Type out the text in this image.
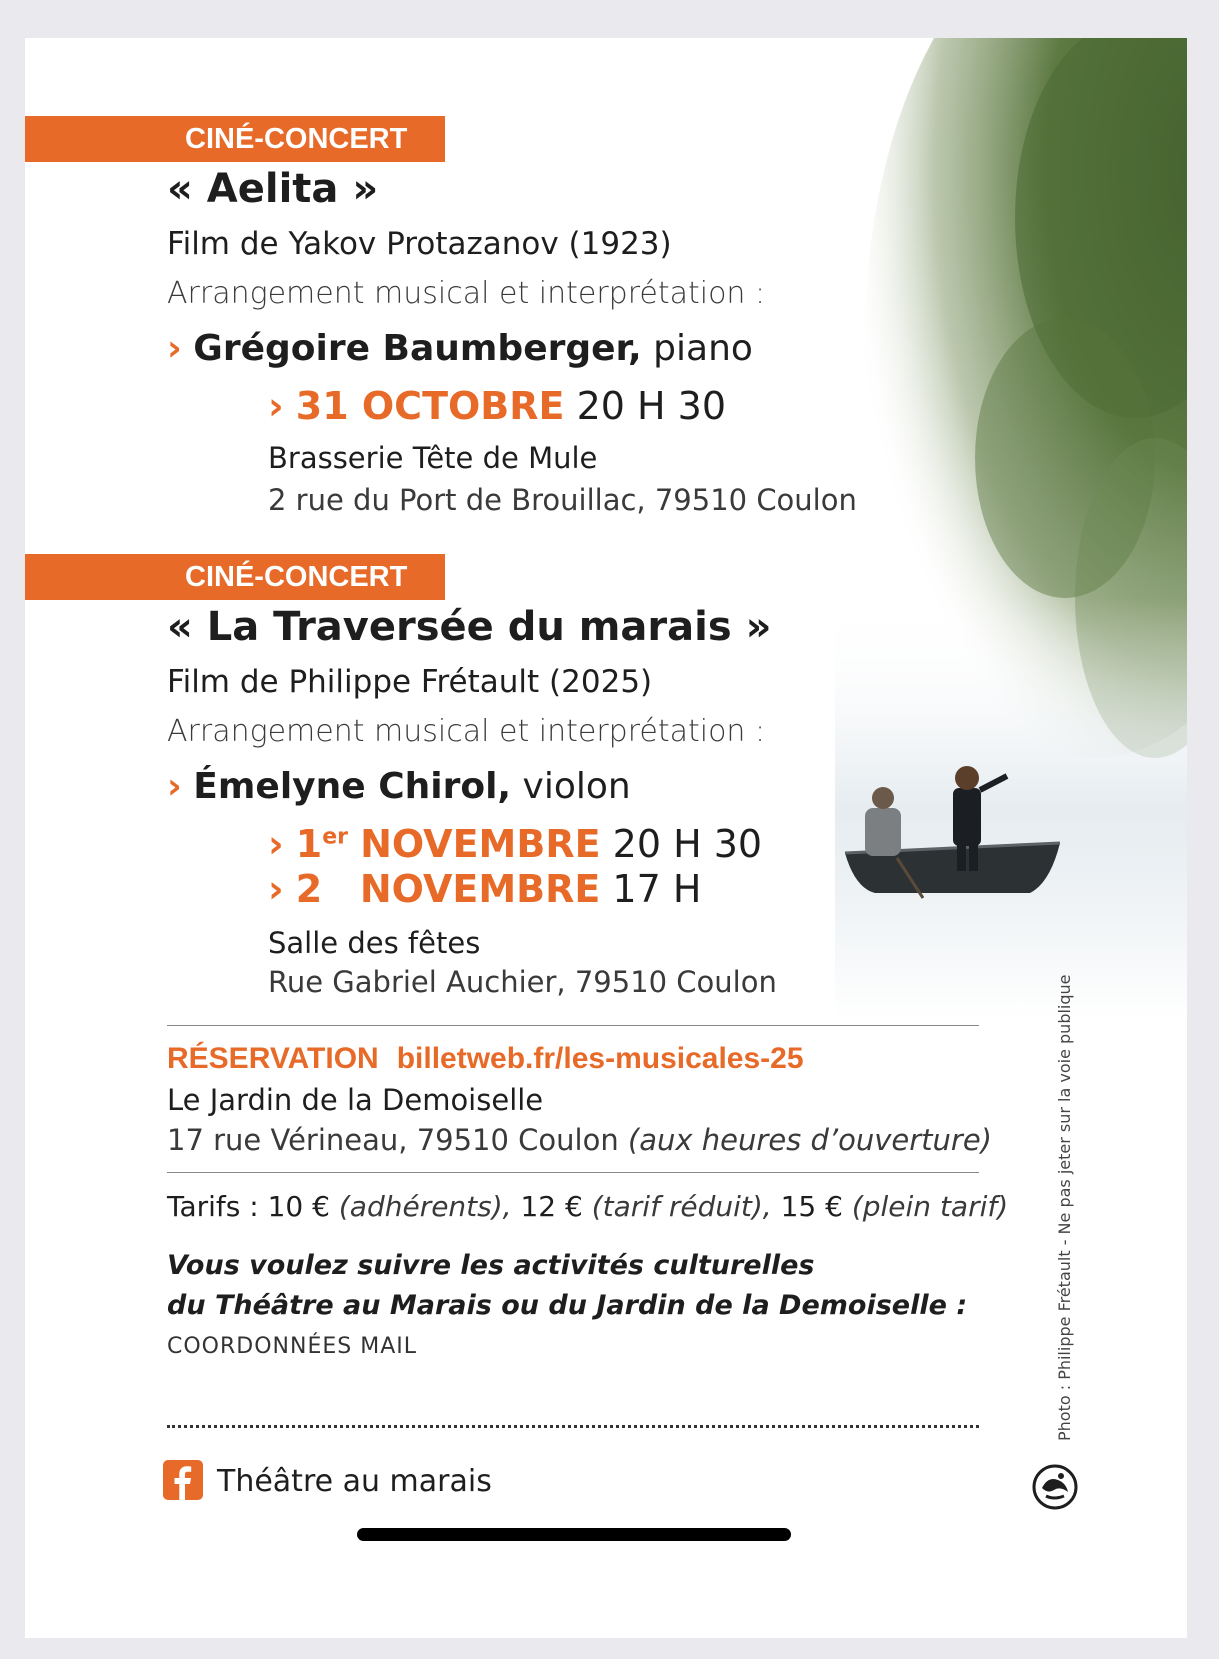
CINÉ-CONCERT
« Aelita »
Film de Yakov Protazanov (1923)
Arrangement musical et interprétation :
› Grégoire Baumberger, piano
› 31 OCTOBRE 20 H 30
Brasserie Tête de Mule
2 rue du Port de Brouillac, 79510 Coulon
CINÉ-CONCERT
« La Traversée du marais »
Film de Philippe Frétault (2025)
Arrangement musical et interprétation :
› Émelyne Chirol, violon
› 1er NOVEMBRE 20 H 30
› 2 NOVEMBRE 17 H
Salle des fêtes
Rue Gabriel Auchier, 79510 Coulon
RÉSERVATION billetweb.fr/les-musicales-25
Le Jardin de la Demoiselle
17 rue Vérineau, 79510 Coulon (aux heures d’ouverture)
Tarifs : 10 € (adhérents), 12 € (tarif réduit), 15 € (plein tarif)
Vous voulez suivre les activités culturelles
du Théâtre au Marais ou du Jardin de la Demoiselle :
COORDONNÉES MAIL
Théâtre au marais
Photo : Philippe Frétault - Ne pas jeter sur la voie publique
